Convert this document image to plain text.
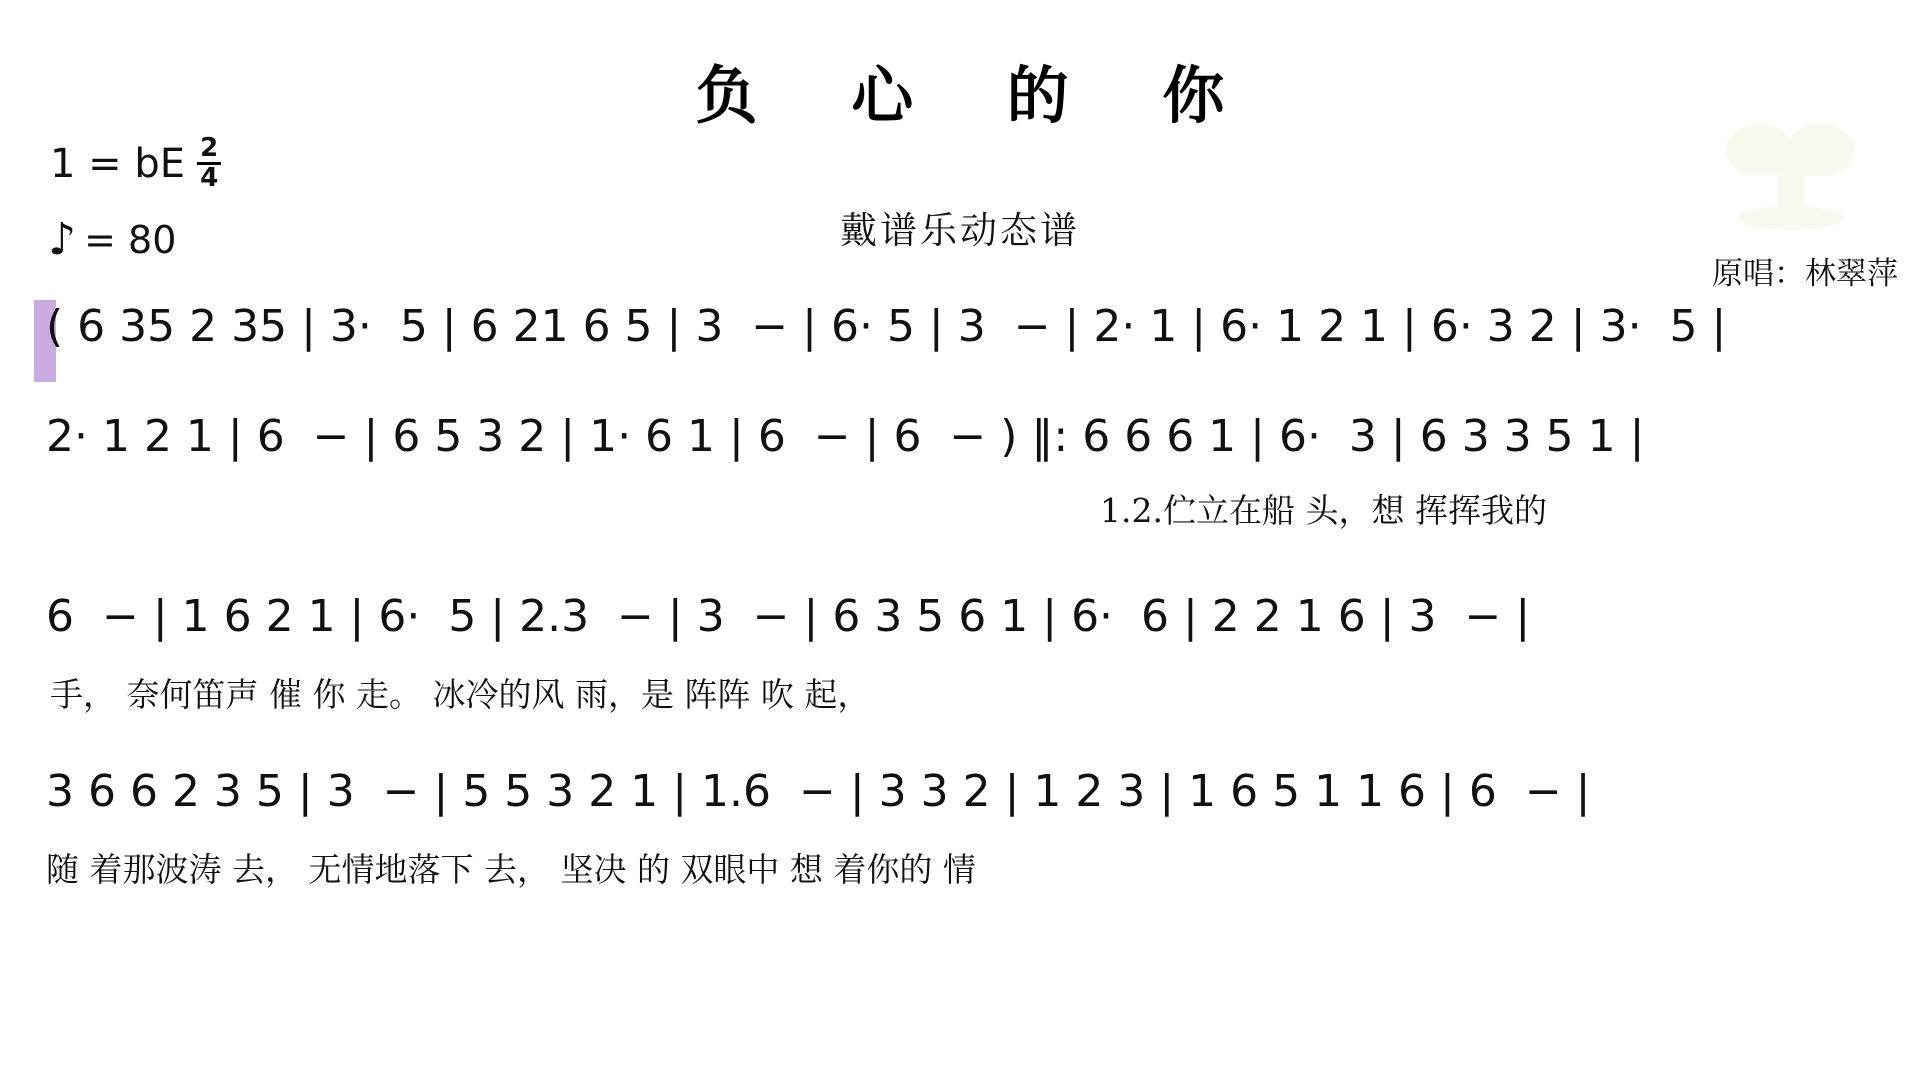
负 心 的 你
戴谱乐动态谱
1 = bE $\frac{2}{4}$
♪ = 80
原唱：林翠萍
( 6 35 2 35 | 3·  5 | 6 21 6 5 | 3  − | 6· 5 | 3  − | 2· 1 | 6· 1 2 1 | 6· 3 2 | 3·  5 |
2· 1 2 1 | 6  − | 6 5 3 2 | 1· 6 1 | 6  − | 6  − ) ‖: 6 6 6 1 | 6·  3 | 6 3 3 5 1 |
1.2.伫立在船 头，想 挥挥我的
6  − | 1 6 2 1 | 6·  5 | 2.3  − | 3  − | 6 3 5 6 1 | 6·  6 | 2 2 1 6 | 3  − |
手， 奈何笛声 催 你 走。 冰冷的风 雨，是 阵阵 吹 起，
3 6 6 2 3 5 | 3  − | 5 5 3 2 1 | 1.6  − | 3 3 2 | 1 2 3 | 1 6 5 1 1 6 | 6  − |
随 着那波涛 去， 无情地落下 去， 坚决 的 双眼中 想 着你的 情
